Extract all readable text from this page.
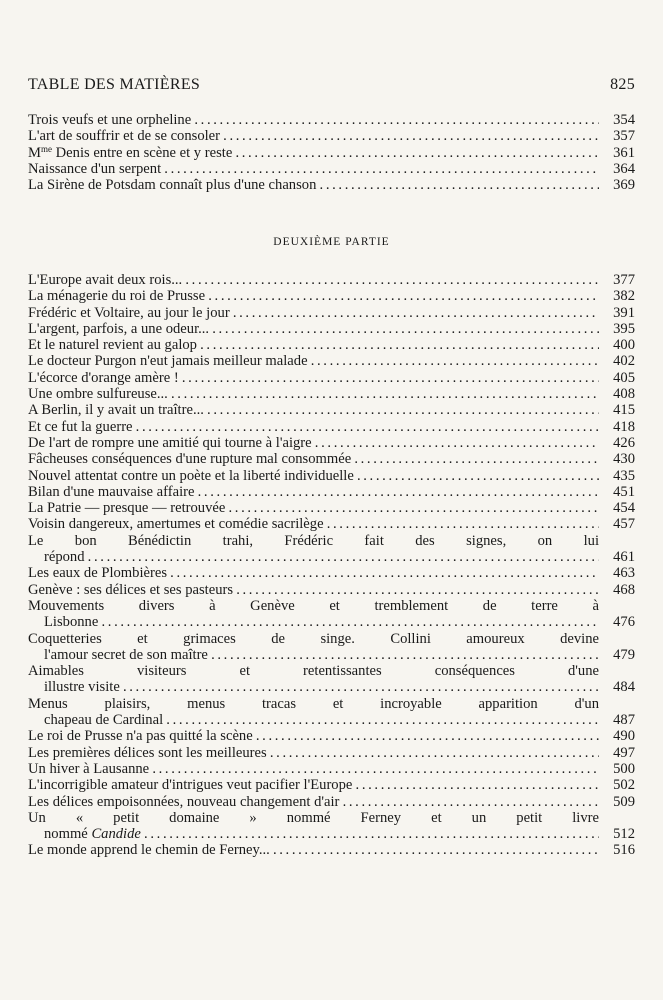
TABLE DES MATIÈRES	825
Trois veufs et une orpheline . . .	354
L'art de souffrir et de se consoler . . .	357
$M^{me}$ Denis entre en scène et y reste . . .	361
Naissance d'un serpent . . .	364
La Sirène de Potsdam connaît plus d'une chanson . . .	369
DEUXIÈME PARTIE
L'Europe avait deux rois... . . .	377
La ménagerie du roi de Prusse . . .	382
Frédéric et Voltaire, au jour le jour . . .	391
L'argent, parfois, a une odeur... . . .	395
Et le naturel revient au galop . . .	400
Le docteur Purgon n'eut jamais meilleur malade . . .	402
L'écorce d'orange amère ! . . .	405
Une ombre sulfureuse... . . .	408
A Berlin, il y avait un traître... . . .	415
Et ce fut la guerre . . .	418
De l'art de rompre une amitié qui tourne à l'aigre . . .	426
Fâcheuses conséquences d'une rupture mal consommée . . .	430
Nouvel attentat contre un poète et la liberté individuelle . . .	435
Bilan d'une mauvaise affaire . . .	451
La Patrie — presque — retrouvée . . .	454
Voisin dangereux, amertumes et comédie sacrilège . . .	457
Le bon Bénédictin trahi, Frédéric fait des signes, on lui
répond . . .	461
Les eaux de Plombières . . .	463
Genève : ses délices et ses pasteurs . . .	468
Mouvements divers à Genève et tremblement de terre à
Lisbonne . . .	476
Coquetteries et grimaces de singe. Collini amoureux devine
l'amour secret de son maître . . .	479
Aimables visiteurs et retentissantes conséquences d'une
illustre visite . . .	484
Menus plaisirs, menus tracas et incroyable apparition d'un
chapeau de Cardinal . . .	487
Le roi de Prusse n'a pas quitté la scène . . .	490
Les premières délices sont les meilleures . . .	497
Un hiver à Lausanne . . .	500
L'incorrigible amateur d'intrigues veut pacifier l'Europe . . .	502
Les délices empoisonnées, nouveau changement d'air . . .	509
Un « petit domaine » nommé Ferney et un petit livre
nommé Candide . . .	512
Le monde apprend le chemin de Ferney... . . .	516
